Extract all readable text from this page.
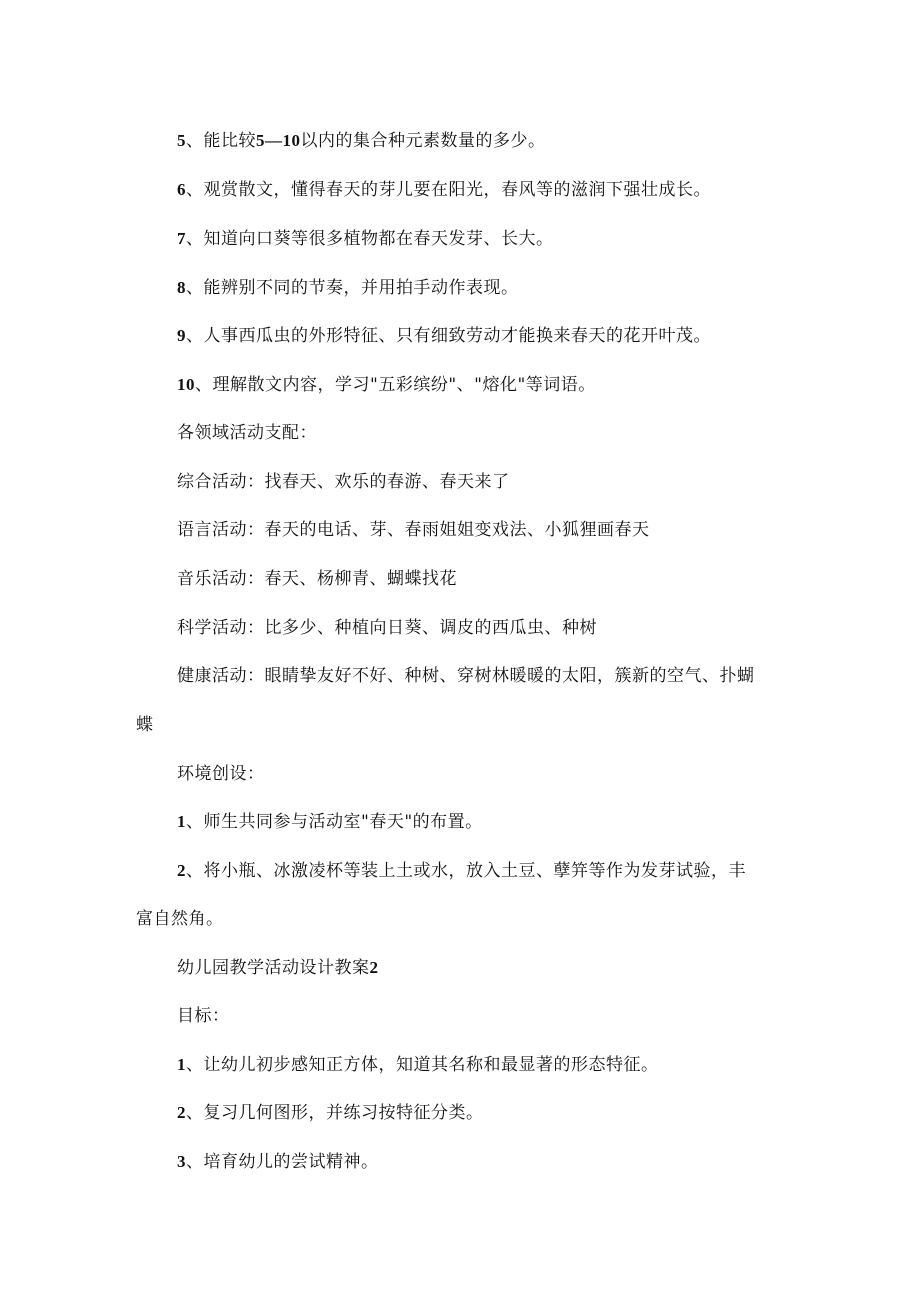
5、能比较5—10以内的集合种元素数量的多少。
6、观赏散文，懂得春天的芽儿要在阳光，春风等的滋润下强壮成长。
7、知道向口葵等很多植物都在春天发芽、长大。
8、能辨别不同的节奏，并用拍手动作表现。
9、人事西瓜虫的外形特征、只有细致劳动才能换来春天的花开叶茂。
10、理解散文内容，学习"五彩缤纷"、"熔化"等词语。
各领域活动支配：
综合活动：找春天、欢乐的春游、春天来了
语言活动：春天的电话、芽、春雨姐姐变戏法、小狐狸画春天
音乐活动：春天、杨柳青、蝴蝶找花
科学活动：比多少、种植向日葵、调皮的西瓜虫、种树
健康活动：眼睛挚友好不好、种树、穿树林暖暖的太阳，簇新的空气、扑蝴
蝶
环境创设：
1、师生共同参与活动室"春天"的布置。
2、将小瓶、冰激凌杯等装上土或水，放入土豆、孽笄等作为发芽试验，丰
富自然角。
幼儿园教学活动设计教案2
目标：
1、让幼儿初步感知正方体，知道其名称和最显著的形态特征。
2、复习几何图形，并练习按特征分类。
3、培育幼儿的尝试精神。
